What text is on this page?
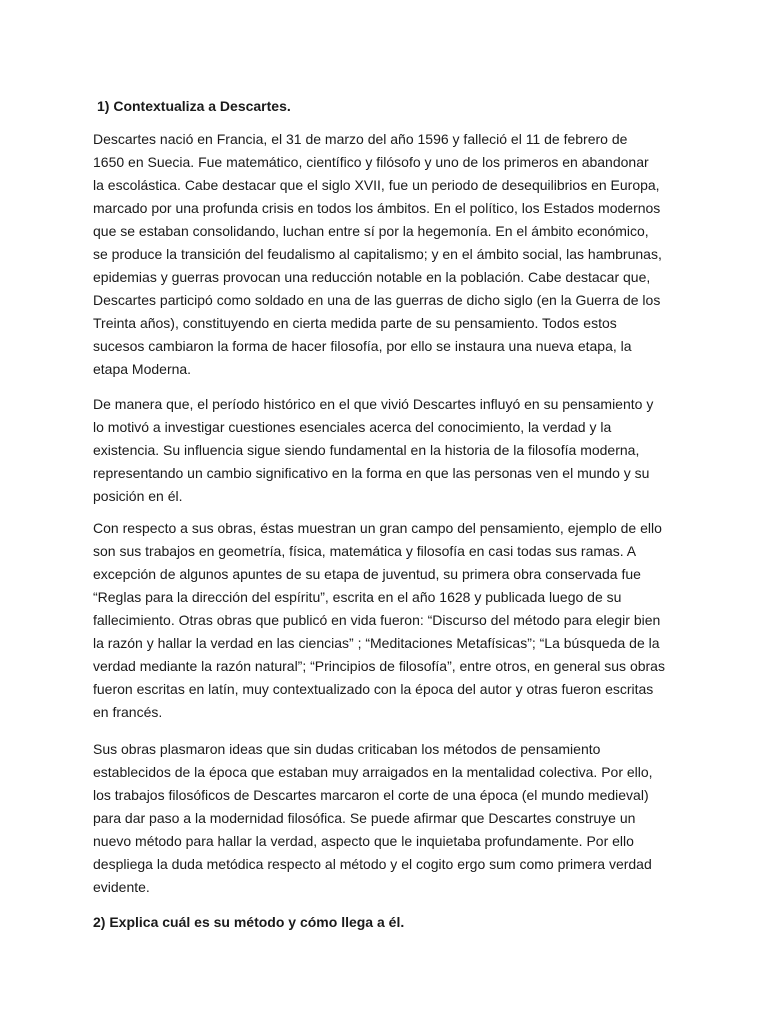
1) Contextualiza a Descartes.

Descartes nació en Francia, el 31 de marzo del año 1596 y falleció el 11 de febrero de
1650 en Suecia. Fue matemático, científico y filósofo y uno de los primeros en abandonar
la escolástica. Cabe destacar que el siglo XVII, fue un periodo de desequilibrios en Europa,
marcado por una profunda crisis en todos los ámbitos. En el político, los Estados modernos
que se estaban consolidando, luchan entre sí por la hegemonía. En el ámbito económico,
se produce la transición del feudalismo al capitalismo; y en el ámbito social, las hambrunas,
epidemias y guerras provocan una reducción notable en la población. Cabe destacar que,
Descartes participó como soldado en una de las guerras de dicho siglo (en la Guerra de los
Treinta años), constituyendo en cierta medida parte de su pensamiento. Todos estos
sucesos cambiaron la forma de hacer filosofía, por ello se instaura una nueva etapa, la
etapa Moderna.

De manera que, el período histórico en el que vivió Descartes influyó en su pensamiento y
lo motivó a investigar cuestiones esenciales acerca del conocimiento, la verdad y la
existencia. Su influencia sigue siendo fundamental en la historia de la filosofía moderna,
representando un cambio significativo en la forma en que las personas ven el mundo y su
posición en él.

Con respecto a sus obras, éstas muestran un gran campo del pensamiento, ejemplo de ello
son sus trabajos en geometría, física, matemática y filosofía en casi todas sus ramas. A
excepción de algunos apuntes de su etapa de juventud, su primera obra conservada fue
“Reglas para la dirección del espíritu”, escrita en el año 1628 y publicada luego de su
fallecimiento. Otras obras que publicó en vida fueron: “Discurso del método para elegir bien
la razón y hallar la verdad en las ciencias” ; “Meditaciones Metafísicas”; “La búsqueda de la
verdad mediante la razón natural”; “Principios de filosofía”, entre otros, en general sus obras
fueron escritas en latín, muy contextualizado con la época del autor y otras fueron escritas
en francés.

Sus obras plasmaron ideas que sin dudas criticaban los métodos de pensamiento
establecidos de la época que estaban muy arraigados en la mentalidad colectiva. Por ello,
los trabajos filosóficos de Descartes marcaron el corte de una época (el mundo medieval)
para dar paso a la modernidad filosófica. Se puede afirmar que Descartes construye un
nuevo método para hallar la verdad, aspecto que le inquietaba profundamente. Por ello
despliega la duda metódica respecto al método y el cogito ergo sum como primera verdad
evidente.

2) Explica cuál es su método y cómo llega a él.
